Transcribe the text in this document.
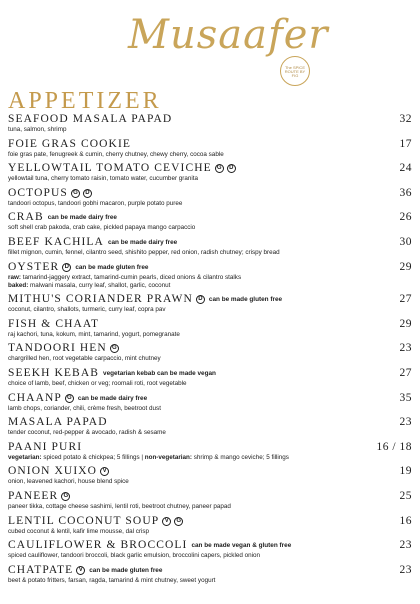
Musaafer
The SPICE ROUTE BY FIG
APPETIZER
SEAFOOD MASALA PAPAD	32
tuna, salmon, shrimp
FOIE GRAS COOKIE	17
foie gras pate, fenugreek & cumin, cherry chutney, chewy cherry, cocoa sable
YELLOWTAIL TOMATO CEVICHE G	D	24
yellowtail tuna, cherry tomato raisin, tomato water, cucumber granita
OCTOPUS G	D	36
tandoori octopus, tandoori gobhi macaron, purple potato puree
CRAB can be made dairy free	26
soft shell crab pakoda, crab cake, pickled papaya mango carpaccio
BEEF KACHILA can be made dairy free	30
fillet mignon, cumin, fennel, cilantro seed, shishito pepper, red onion, radish chutney; crispy bread
OYSTER D can be made gluten free	29
raw: tamarind-jaggery extract, tamarind-cumin pearls, diced onions & cilantro stalks
baked: malwani masala, curry leaf, shallot, garlic, coconut
MITHU'S CORIANDER PRAWN D can be made gluten free	27
coconut, cilantro, shallots, turmeric, curry leaf, copra pav
FISH & CHAAT	29
raj kachori, tuna, kokum, mint, tamarind, yogurt, pomegranate
TANDOORI HEN G	23
chargrilled hen, root vegetable carpaccio, mint chutney
SEEKH KEBAB vegetarian kebab can be made vegan	27
choice of lamb, beef, chicken or veg; roomali roti, root vegetable
CHAANP G can be made dairy free	35
lamb chops, coriander, chili, crème fresh, beetroot dust
MASALA PAPAD	23
tender coconut, red-pepper & avocado, radish & sesame
PAANI PURI	16 / 18
vegetarian: spiced potato & chickpea; 5 fillings | non-vegetarian: shrimp & mango ceviche; 5 fillings
ONION XUIXO V	19
onion, leavened kachori, house blend spice
PANEER G	25
paneer tikka, cottage cheese sashimi, lentil roti, beetroot chutney, paneer papad
LENTIL COCONUT SOUP V	G	16
cubed coconut & lentil, kafir lime mousse, dal crisp
CAULIFLOWER & BROCCOLI can be made vegan & gluten free	23
spiced cauliflower, tandoori broccoli, black garlic emulsion, broccolini capers, pickled onion
CHATPATE V	can be made gluten free	23
beet & potato fritters, farsan, ragda, tamarind & mint chutney, sweet yogurt
